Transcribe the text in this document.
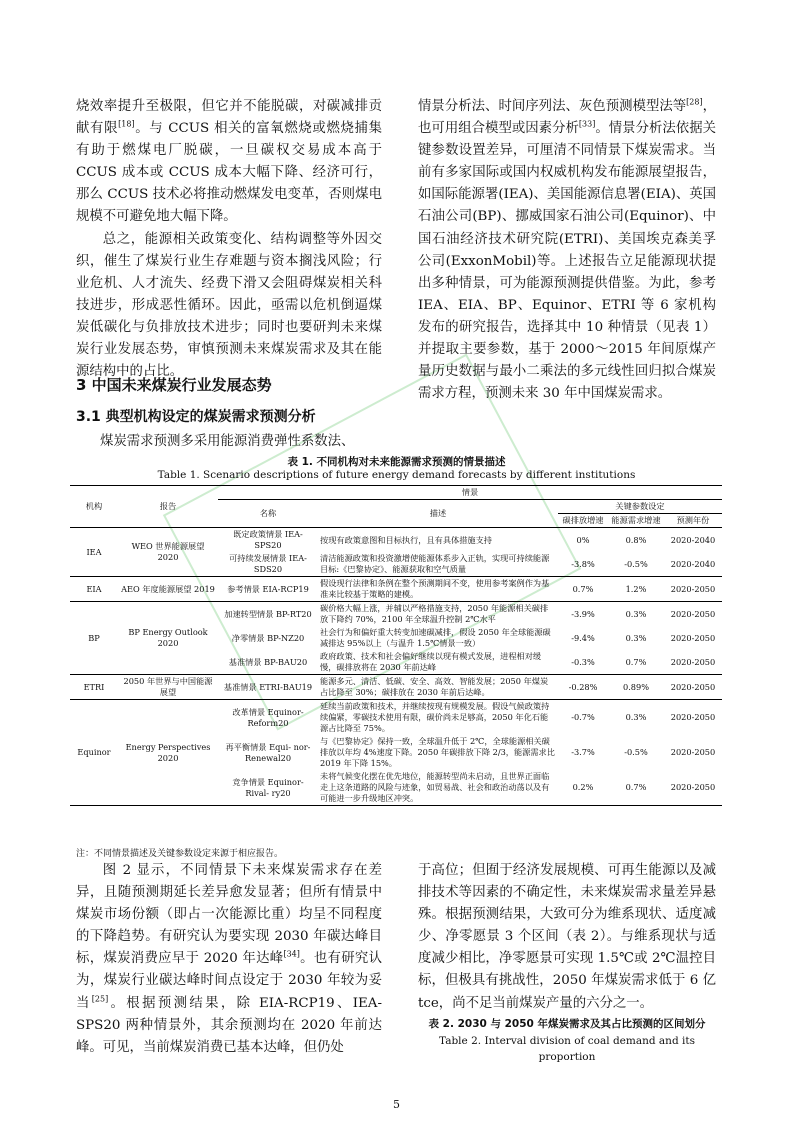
烧效率提升至极限，但它并不能脱碳，对碳减排贡献有限[18]。与 CCUS 相关的富氧燃烧或燃烧捕集有助于燃煤电厂脱碳，一旦碳权交易成本高于 CCUS 成本或 CCUS 成本大幅下降、经济可行，那么 CCUS 技术必将推动燃煤发电变革，否则煤电规模不可避免地大幅下降。

总之，能源相关政策变化、结构调整等外因交织，催生了煤炭行业生存难题与资本搁浅风险；行业危机、人才流失、经费下滑又会阻碍煤炭相关科技进步，形成恶性循环。因此，亟需以危机倒逼煤炭低碳化与负排放技术进步；同时也要研判未来煤炭行业发展态势，审慎预测未来煤炭需求及其在能源结构中的占比。

情景分析法、时间序列法、灰色预测模型法等[28]，也可用组合模型或因素分析[33]。情景分析法依据关键参数设置差异，可厘清不同情景下煤炭需求。当前有多家国际或国内权威机构发布能源展望报告，如国际能源署(IEA)、美国能源信息署(EIA)、英国石油公司(BP)、挪威国家石油公司(Equinor)、中国石油经济技术研究院(ETRI)、美国埃克森美孚公司(ExxonMobil)等。上述报告立足能源现状提出多种情景，可为能源预测提供借鉴。为此，参考 IEA、EIA、BP、Equinor、ETRI 等 6 家机构发布的研究报告，选择其中 10 种情景（见表 1）并提取主要参数，基于 2000～2015 年间原煤产量历史数据与最小二乘法的多元线性回归拟合煤炭需求方程，预测未来 30 年中国煤炭需求。

3 中国未来煤炭行业发展态势
3.1 典型机构设定的煤炭需求预测分析
煤炭需求预测多采用能源消费弹性系数法、
表 1. 不同机构对未来能源需求预测的情景描述
Table 1. Scenario descriptions of future energy demand forecasts by different institutions
机构	报告	情景				
		名称	描述	关键参数设定		
				碳排放增速	能源需求增速	预测年份
IEA	WEO 世界能源展望 2020	既定政策情景 IEA-SPS20	按现有政策意图和目标执行，且有具体措施支持	0%	0.8%	2020-2040
		可持续发展情景 IEA-SDS20	清洁能源政策和投资激增使能源体系步入正轨，实现可持续能源目标:《巴黎协定》、能源获取和空气质量	-3.8%	-0.5%	2020-2040
EIA	AEO 年度能源展望 2019	参考情景 EIA-RCP19	假设现行法律和条例在整个预测期间不变，使用参考案例作为基准来比较基于策略的建模。	0.7%	1.2%	2020-2050
BP	BP Energy Outlook 2020	加速转型情景 BP-RT20	碳价格大幅上涨，并辅以严格措施支持，2050 年能源相关碳排放下降约 70%，2100 年全球温升控制 2℃水平	-3.9%	0.3%	2020-2050
		净零情景 BP-NZ20	社会行为和偏好重大转变加速碳减排，假设 2050 年全球能源碳减排达 95%以上（与温升 1.5℃情景一致）	-9.4%	0.3%	2020-2050
		基准情景 BP-BAU20	政府政策、技术和社会偏好继续以现有模式发展，进程相对缓慢，碳排放将在 2030 年前达峰	-0.3%	0.7%	2020-2050
ETRI	2050 年世界与中国能源展望	基准情景 ETRI-BAU19	能源多元、清洁、低碳、安全、高效、智能发展；2050 年煤炭占比降至 30%；碳排放在 2030 年前后达峰。	-0.28%	0.89%	2020-2050
Equinor	Energy Perspectives 2020	改革情景 Equinor- Reform20	延续当前政策和技术，并继续按现有规模发展。假设气候政策持续偏紧，零碳技术使用有限，碳价尚未足够高，2050 年化石能源占比降至 75%。	-0.7%	0.3%	2020-2050
		再平衡情景 Equi- nor-Renewal20	与《巴黎协定》保持一致，全球温升低于 2℃，全球能源相关碳排放以年均 4%速度下降。2050 年碳排放下降 2/3，能源需求比 2019 年下降 15%。	-3.7%	-0.5%	2020-2050
		竞争情景 Equinor- Rival- ry20	未将气候变化摆在优先地位，能源转型尚未启动，且世界正面临走上这条道路的风险与迹象，如贸易战、社会和政治动荡以及有可能进一步升级地区冲突。	0.2%	0.7%	2020-2050
注：不同情景描述及关键参数设定来源于相应报告。

图 2 显示，不同情景下未来煤炭需求存在差异，且随预测期延长差异愈发显著；但所有情景中煤炭市场份额（即占一次能源比重）均呈不同程度的下降趋势。有研究认为要实现 2030 年碳达峰目标，煤炭消费应早于 2020 年达峰[34]。也有研究认为，煤炭行业碳达峰时间点设定于 2030 年较为妥当[25]。根据预测结果，除 EIA-RCP19、IEA-SPS20 两种情景外，其余预测均在 2020 年前达峰。可见，当前煤炭消费已基本达峰，但仍处

于高位；但囿于经济发展规模、可再生能源以及减排技术等因素的不确定性，未来煤炭需求量差异悬殊。根据预测结果，大致可分为维系现状、适度减少、净零愿景 3 个区间（表 2）。与维系现状与适度减少相比，净零愿景可实现 1.5℃或 2℃温控目标，但极具有挑战性，2050 年煤炭需求低于 6 亿 tce，尚不足当前煤炭产量的六分之一。

表 2. 2030 与 2050 年煤炭需求及其占比预测的区间划分

Table 2. Interval division of coal demand and its proportion

5
